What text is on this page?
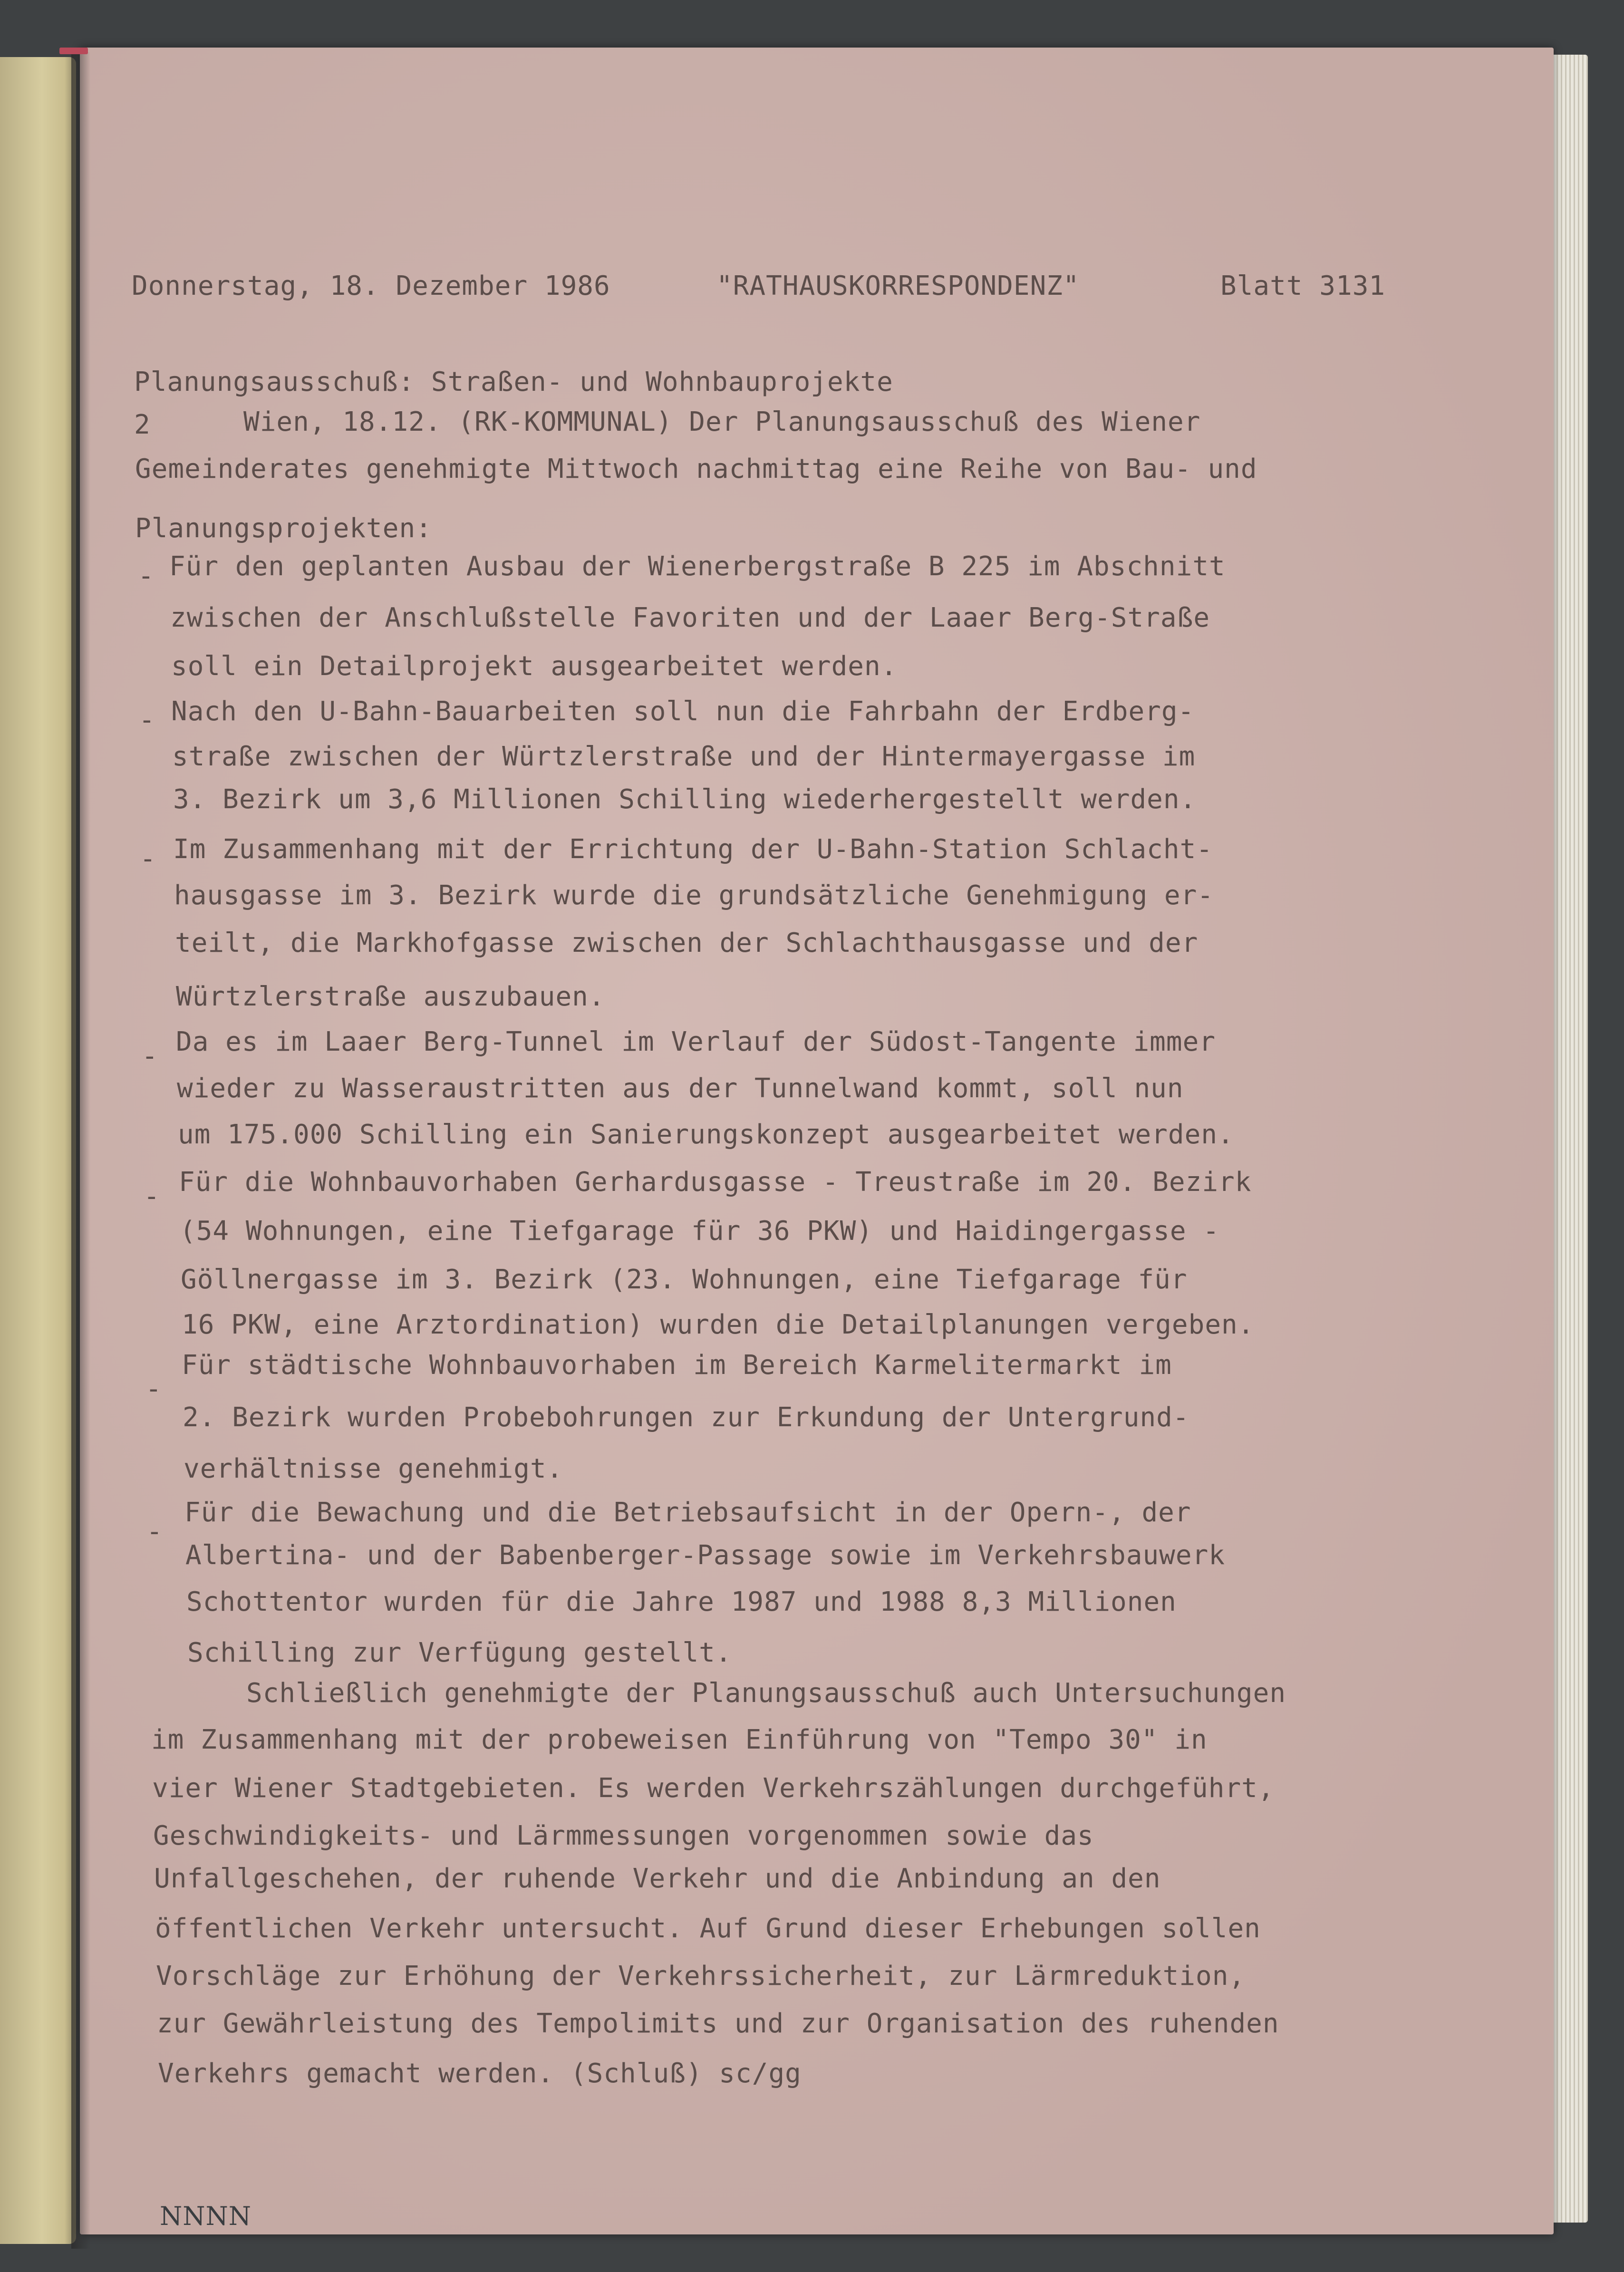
Donnerstag, 18. Dezember 1986	"RATHAUSKORRESPONDENZ"	Blatt 3131
Planungsausschuß: Straßen- und Wohnbauprojekte
2	Wien, 18.12. (RK-KOMMUNAL) Der Planungsausschuß des Wiener
Gemeinderates genehmigte Mittwoch nachmittag eine Reihe von Bau- und
Planungsprojekten:
- Für den geplanten Ausbau der Wienerbergstraße B 225 im Abschnitt
zwischen der Anschlußstelle Favoriten und der Laaer Berg-Straße
soll ein Detailprojekt ausgearbeitet werden.
- Nach den U-Bahn-Bauarbeiten soll nun die Fahrbahn der Erdberg-
straße zwischen der Würtzlerstraße und der Hintermayergasse im
3. Bezirk um 3,6 Millionen Schilling wiederhergestellt werden.
- Im Zusammenhang mit der Errichtung der U-Bahn-Station Schlacht-
hausgasse im 3. Bezirk wurde die grundsätzliche Genehmigung er-
teilt, die Markhofgasse zwischen der Schlachthausgasse und der
Würtzlerstraße auszubauen.
- Da es im Laaer Berg-Tunnel im Verlauf der Südost-Tangente immer
wieder zu Wasseraustritten aus der Tunnelwand kommt, soll nun
um 175.000 Schilling ein Sanierungskonzept ausgearbeitet werden.
- Für die Wohnbauvorhaben Gerhardusgasse - Treustraße im 20. Bezirk
(54 Wohnungen, eine Tiefgarage für 36 PKW) und Haidingergasse -
Göllnergasse im 3. Bezirk (23. Wohnungen, eine Tiefgarage für
16 PKW, eine Arztordination) wurden die Detailplanungen vergeben.
-
Für städtische Wohnbauvorhaben im Bereich Karmelitermarkt im
2. Bezirk wurden Probebohrungen zur Erkundung der Untergrund-
verhältnisse genehmigt.
-
Für die Bewachung und die Betriebsaufsicht in der Opern-, der
Albertina- und der Babenberger-Passage sowie im Verkehrsbauwerk
Schottentor wurden für die Jahre 1987 und 1988 8,3 Millionen
Schilling zur Verfügung gestellt.
Schließlich genehmigte der Planungsausschuß auch Untersuchungen
im Zusammenhang mit der probeweisen Einführung von "Tempo 30" in
vier Wiener Stadtgebieten. Es werden Verkehrszählungen durchgeführt,
Geschwindigkeits- und Lärmmessungen vorgenommen sowie das
Unfallgeschehen, der ruhende Verkehr und die Anbindung an den
öffentlichen Verkehr untersucht. Auf Grund dieser Erhebungen sollen
Vorschläge zur Erhöhung der Verkehrssicherheit, zur Lärmreduktion,
zur Gewährleistung des Tempolimits und zur Organisation des ruhenden
Verkehrs gemacht werden. (Schluß) sc/gg
NNNN
